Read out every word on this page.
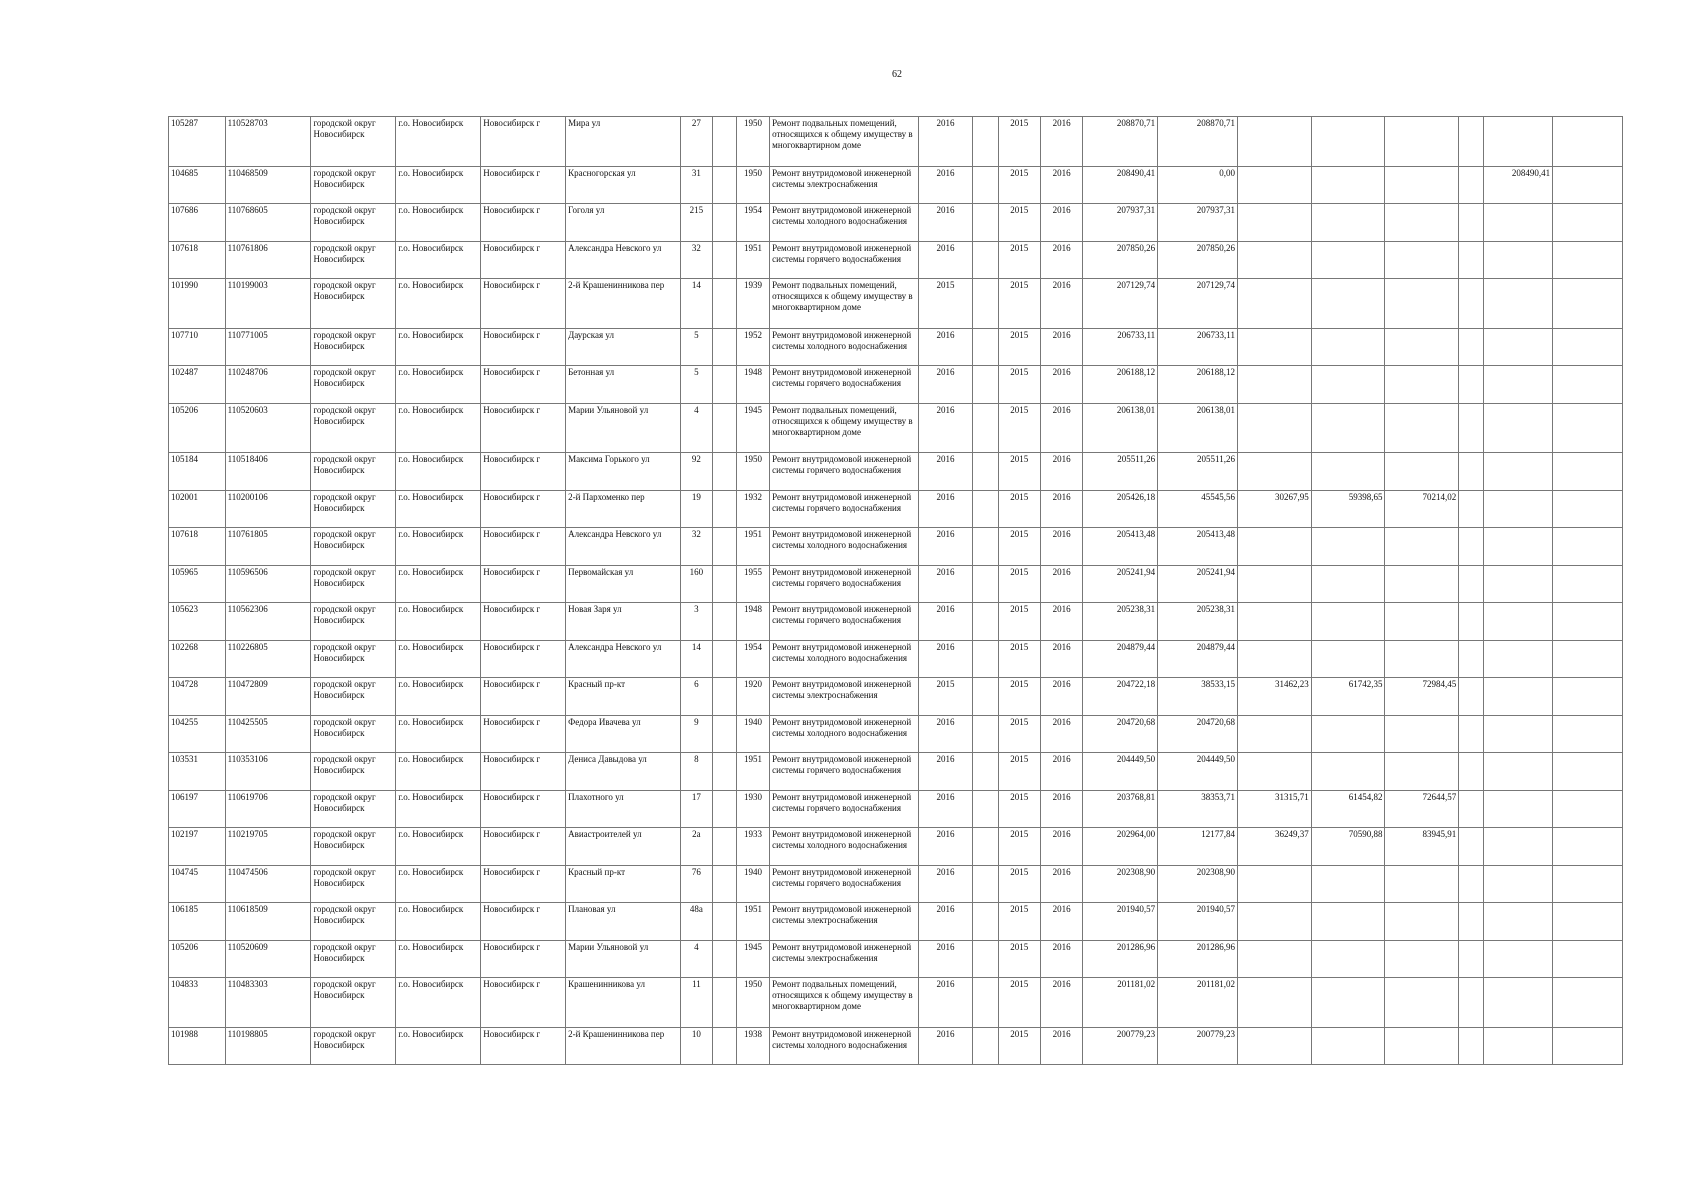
62
105287	110528703	городской округ Новосибирск	г.о. Новосибирск	Новосибирск г	Мира ул	27		1950	Ремонт подвальных помещений, относящихся к общему имуществу в многоквартирном доме	2016		2015	2016	208870,71	208870,71						
104685	110468509	городской округ Новосибирск	г.о. Новосибирск	Новосибирск г	Красногорская ул	31		1950	Ремонт внутридомовой инженерной системы электроснабжения	2016		2015	2016	208490,41	0,00					208490,41	
107686	110768605	городской округ Новосибирск	г.о. Новосибирск	Новосибирск г	Гоголя ул	215		1954	Ремонт внутридомовой инженерной системы холодного водоснабжения	2016		2015	2016	207937,31	207937,31						
107618	110761806	городской округ Новосибирск	г.о. Новосибирск	Новосибирск г	Александра Невского ул	32		1951	Ремонт внутридомовой инженерной системы горячего водоснабжения	2016		2015	2016	207850,26	207850,26						
101990	110199003	городской округ Новосибирск	г.о. Новосибирск	Новосибирск г	2-й Крашенинникова пер	14		1939	Ремонт подвальных помещений, относящихся к общему имуществу в многоквартирном доме	2015		2015	2016	207129,74	207129,74						
107710	110771005	городской округ Новосибирск	г.о. Новосибирск	Новосибирск г	Даурская ул	5		1952	Ремонт внутридомовой инженерной системы холодного водоснабжения	2016		2015	2016	206733,11	206733,11						
102487	110248706	городской округ Новосибирск	г.о. Новосибирск	Новосибирск г	Бетонная ул	5		1948	Ремонт внутридомовой инженерной системы горячего водоснабжения	2016		2015	2016	206188,12	206188,12						
105206	110520603	городской округ Новосибирск	г.о. Новосибирск	Новосибирск г	Марии Ульяновой ул	4		1945	Ремонт подвальных помещений, относящихся к общему имуществу в многоквартирном доме	2016		2015	2016	206138,01	206138,01						
105184	110518406	городской округ Новосибирск	г.о. Новосибирск	Новосибирск г	Максима Горького ул	92		1950	Ремонт внутридомовой инженерной системы горячего водоснабжения	2016		2015	2016	205511,26	205511,26						
102001	110200106	городской округ Новосибирск	г.о. Новосибирск	Новосибирск г	2-й Пархоменко пер	19		1932	Ремонт внутридомовой инженерной системы горячего водоснабжения	2016		2015	2016	205426,18	45545,56	30267,95	59398,65	70214,02			
107618	110761805	городской округ Новосибирск	г.о. Новосибирск	Новосибирск г	Александра Невского ул	32		1951	Ремонт внутридомовой инженерной системы холодного водоснабжения	2016		2015	2016	205413,48	205413,48						
105965	110596506	городской округ Новосибирск	г.о. Новосибирск	Новосибирск г	Первомайская ул	160		1955	Ремонт внутридомовой инженерной системы горячего водоснабжения	2016		2015	2016	205241,94	205241,94						
105623	110562306	городской округ Новосибирск	г.о. Новосибирск	Новосибирск г	Новая Заря ул	3		1948	Ремонт внутридомовой инженерной системы горячего водоснабжения	2016		2015	2016	205238,31	205238,31						
102268	110226805	городской округ Новосибирск	г.о. Новосибирск	Новосибирск г	Александра Невского ул	14		1954	Ремонт внутридомовой инженерной системы холодного водоснабжения	2016		2015	2016	204879,44	204879,44						
104728	110472809	городской округ Новосибирск	г.о. Новосибирск	Новосибирск г	Красный пр-кт	6		1920	Ремонт внутридомовой инженерной системы электроснабжения	2015		2015	2016	204722,18	38533,15	31462,23	61742,35	72984,45			
104255	110425505	городской округ Новосибирск	г.о. Новосибирск	Новосибирск г	Федора Ивачева ул	9		1940	Ремонт внутридомовой инженерной системы холодного водоснабжения	2016		2015	2016	204720,68	204720,68						
103531	110353106	городской округ Новосибирск	г.о. Новосибирск	Новосибирск г	Дениса Давыдова ул	8		1951	Ремонт внутридомовой инженерной системы горячего водоснабжения	2016		2015	2016	204449,50	204449,50						
106197	110619706	городской округ Новосибирск	г.о. Новосибирск	Новосибирск г	Плахотного ул	17		1930	Ремонт внутридомовой инженерной системы горячего водоснабжения	2016		2015	2016	203768,81	38353,71	31315,71	61454,82	72644,57			
102197	110219705	городской округ Новосибирск	г.о. Новосибирск	Новосибирск г	Авиастроителей ул	2а		1933	Ремонт внутридомовой инженерной системы холодного водоснабжения	2016		2015	2016	202964,00	12177,84	36249,37	70590,88	83945,91			
104745	110474506	городской округ Новосибирск	г.о. Новосибирск	Новосибирск г	Красный пр-кт	76		1940	Ремонт внутридомовой инженерной системы горячего водоснабжения	2016		2015	2016	202308,90	202308,90						
106185	110618509	городской округ Новосибирск	г.о. Новосибирск	Новосибирск г	Плановая ул	48а		1951	Ремонт внутридомовой инженерной системы электроснабжения	2016		2015	2016	201940,57	201940,57						
105206	110520609	городской округ Новосибирск	г.о. Новосибирск	Новосибирск г	Марии Ульяновой ул	4		1945	Ремонт внутридомовой инженерной системы электроснабжения	2016		2015	2016	201286,96	201286,96						
104833	110483303	городской округ Новосибирск	г.о. Новосибирск	Новосибирск г	Крашенинникова ул	11		1950	Ремонт подвальных помещений, относящихся к общему имуществу в многоквартирном доме	2016		2015	2016	201181,02	201181,02						
101988	110198805	городской округ Новосибирск	г.о. Новосибирск	Новосибирск г	2-й Крашенинникова пер	10		1938	Ремонт внутридомовой инженерной системы холодного водоснабжения	2016		2015	2016	200779,23	200779,23						
